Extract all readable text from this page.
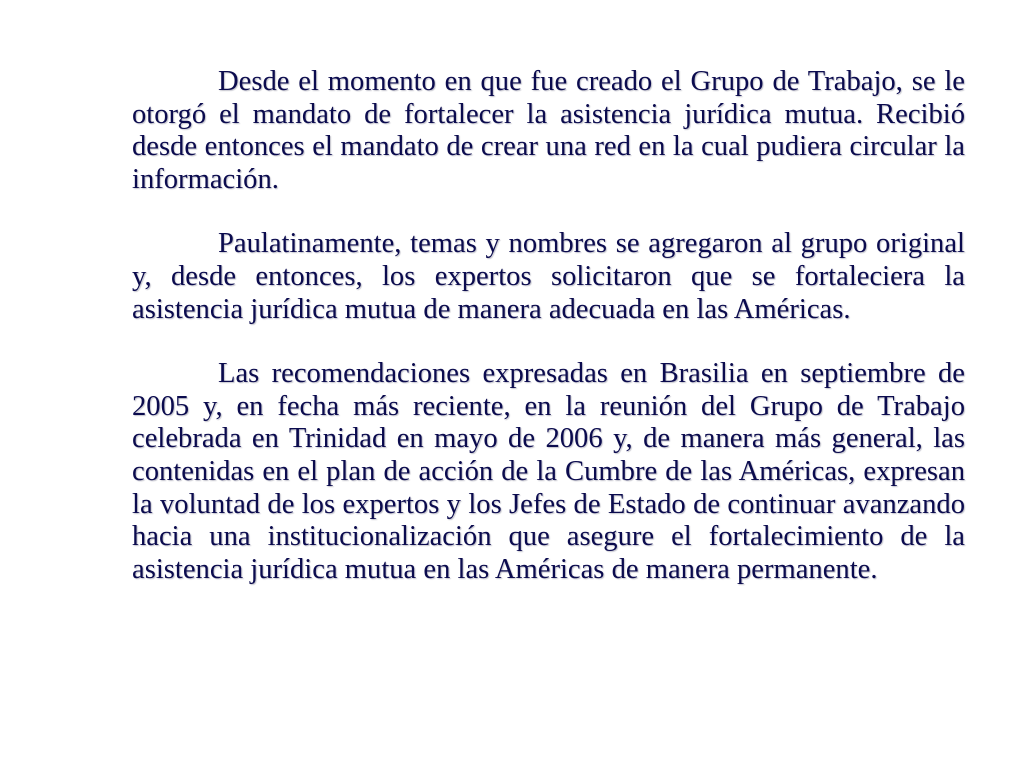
Desde el momento en que fue creado el Grupo de Trabajo, se le otorgó el mandato de fortalecer la asistencia jurídica mutua. Recibió desde entonces el mandato de crear una red en la cual pudiera circular la información.

Paulatinamente, temas y nombres se agregaron al grupo original y, desde entonces, los expertos solicitaron que se fortaleciera la asistencia jurídica mutua de manera adecuada en las Américas.

Las recomendaciones expresadas en Brasilia en septiembre de 2005 y, en fecha más reciente, en la reunión del Grupo de Trabajo celebrada en Trinidad en mayo de 2006 y, de manera más general, las contenidas en el plan de acción de la Cumbre de las Américas, expresan la voluntad de los expertos y los Jefes de Estado de continuar avanzando hacia una institucionalización que asegure el fortalecimiento de la asistencia jurídica mutua en las Américas de manera permanente.
